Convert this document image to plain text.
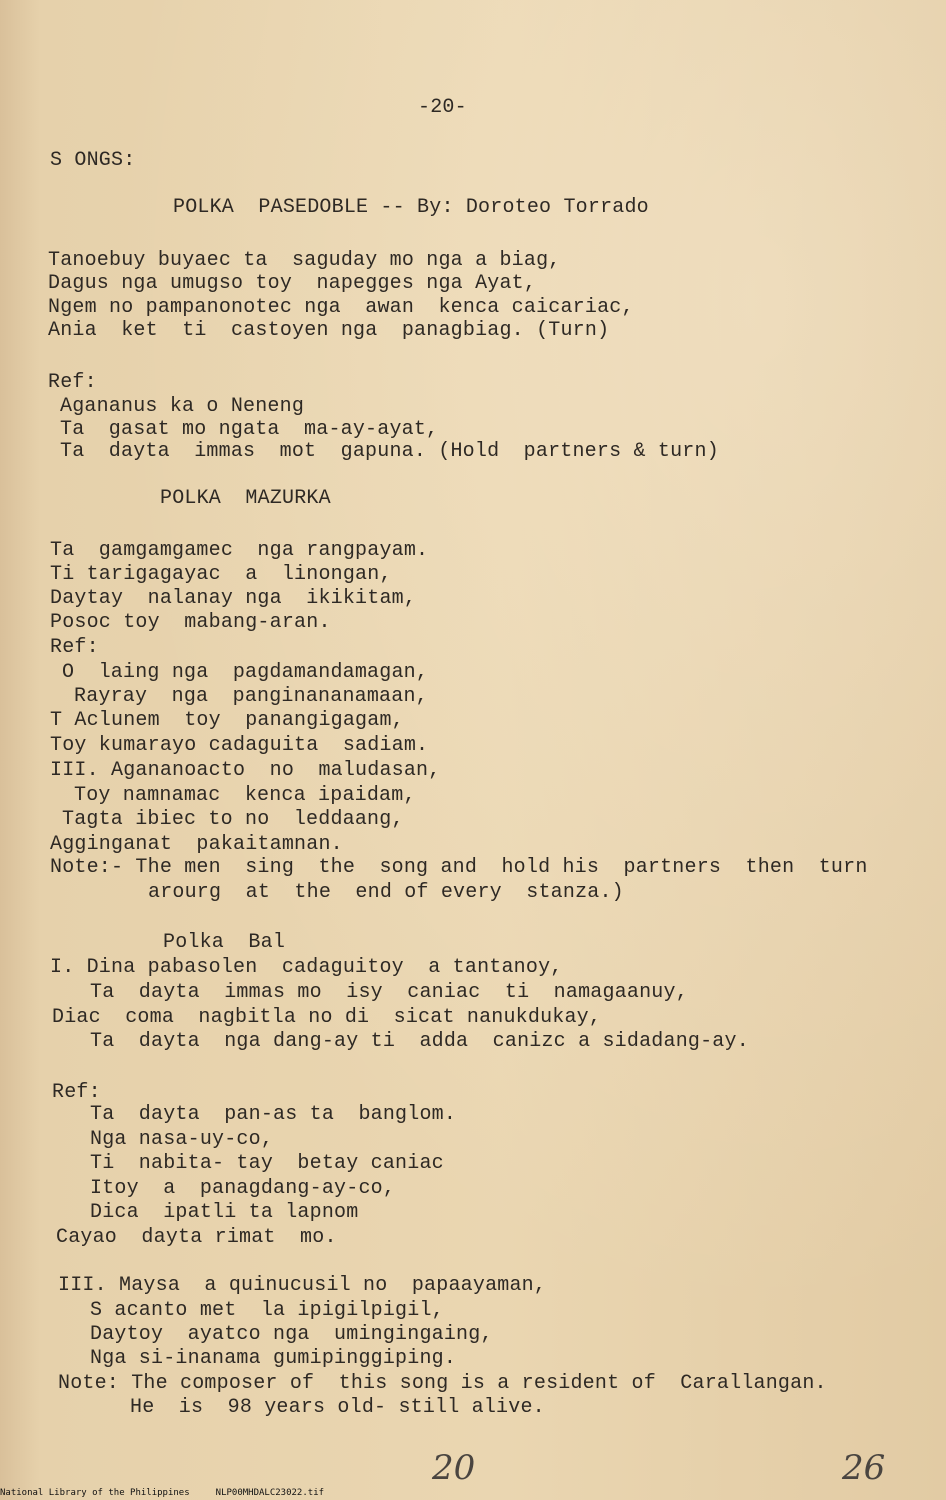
-20-
S ONGS:
POLKA  PASEDOBLE -- By: Doroteo Torrado
Tanoebuy buyaec ta  saguday mo nga a biag,
Dagus nga umugso toy  napegges nga Ayat,
Ngem no pampanonotec nga  awan  kenca caicariac,
Ania  ket  ti  castoyen nga  panagbiag. (Turn)
Ref:
Agananus ka o Neneng
Ta  gasat mo ngata  ma-ay-ayat,
Ta  dayta  immas  mot  gapuna. (Hold  partners & turn)
POLKA  MAZURKA
Ta  gamgamgamec  nga rangpayam.
Ti tarigagayac  a  linongan,
Daytay  nalanay nga  ikikitam,
Posoc toy  mabang-aran.
Ref:
O  laing nga  pagdamandamagan,
Rayray  nga  panginananamaan,
T Aclunem  toy  panangigagam,
Toy kumarayo cadaguita  sadiam.
III. Agananoacto  no  maludasan,
Toy namnamac  kenca ipaidam,
Tagta ibiec to no  leddaang,
Agginganat  pakaitamnan.
Note:- The men  sing  the  song and  hold his  partners  then  turn
arourg  at  the  end of every  stanza.)
Polka  Bal
I. Dina pabasolen  cadaguitoy  a tantanoy,
Ta  dayta  immas mo  isy  caniac  ti  namagaanuy,
Diac  coma  nagbitla no di  sicat nanukdukay,
Ta  dayta  nga dang-ay ti  adda  canizc a sidadang-ay.
Ref:
Ta  dayta  pan-as ta  banglom.
Nga nasa-uy-co,
Ti  nabita- tay  betay caniac
Itoy  a  panagdang-ay-co,
Dica  ipatli ta lapnom
Cayao  dayta rimat  mo.
III. Maysa  a quinucusil no  papaayaman,
S acanto met  la ipigilpigil,
Daytoy  ayatco nga  umingingaing,
Nga si-inanama gumipinggiping.
Note: The composer of  this song is a resident of  Carallangan.
He  is  98 years old- still alive.
20	26
National Library of the Philippines	NLP00MHDALC23022.tif
